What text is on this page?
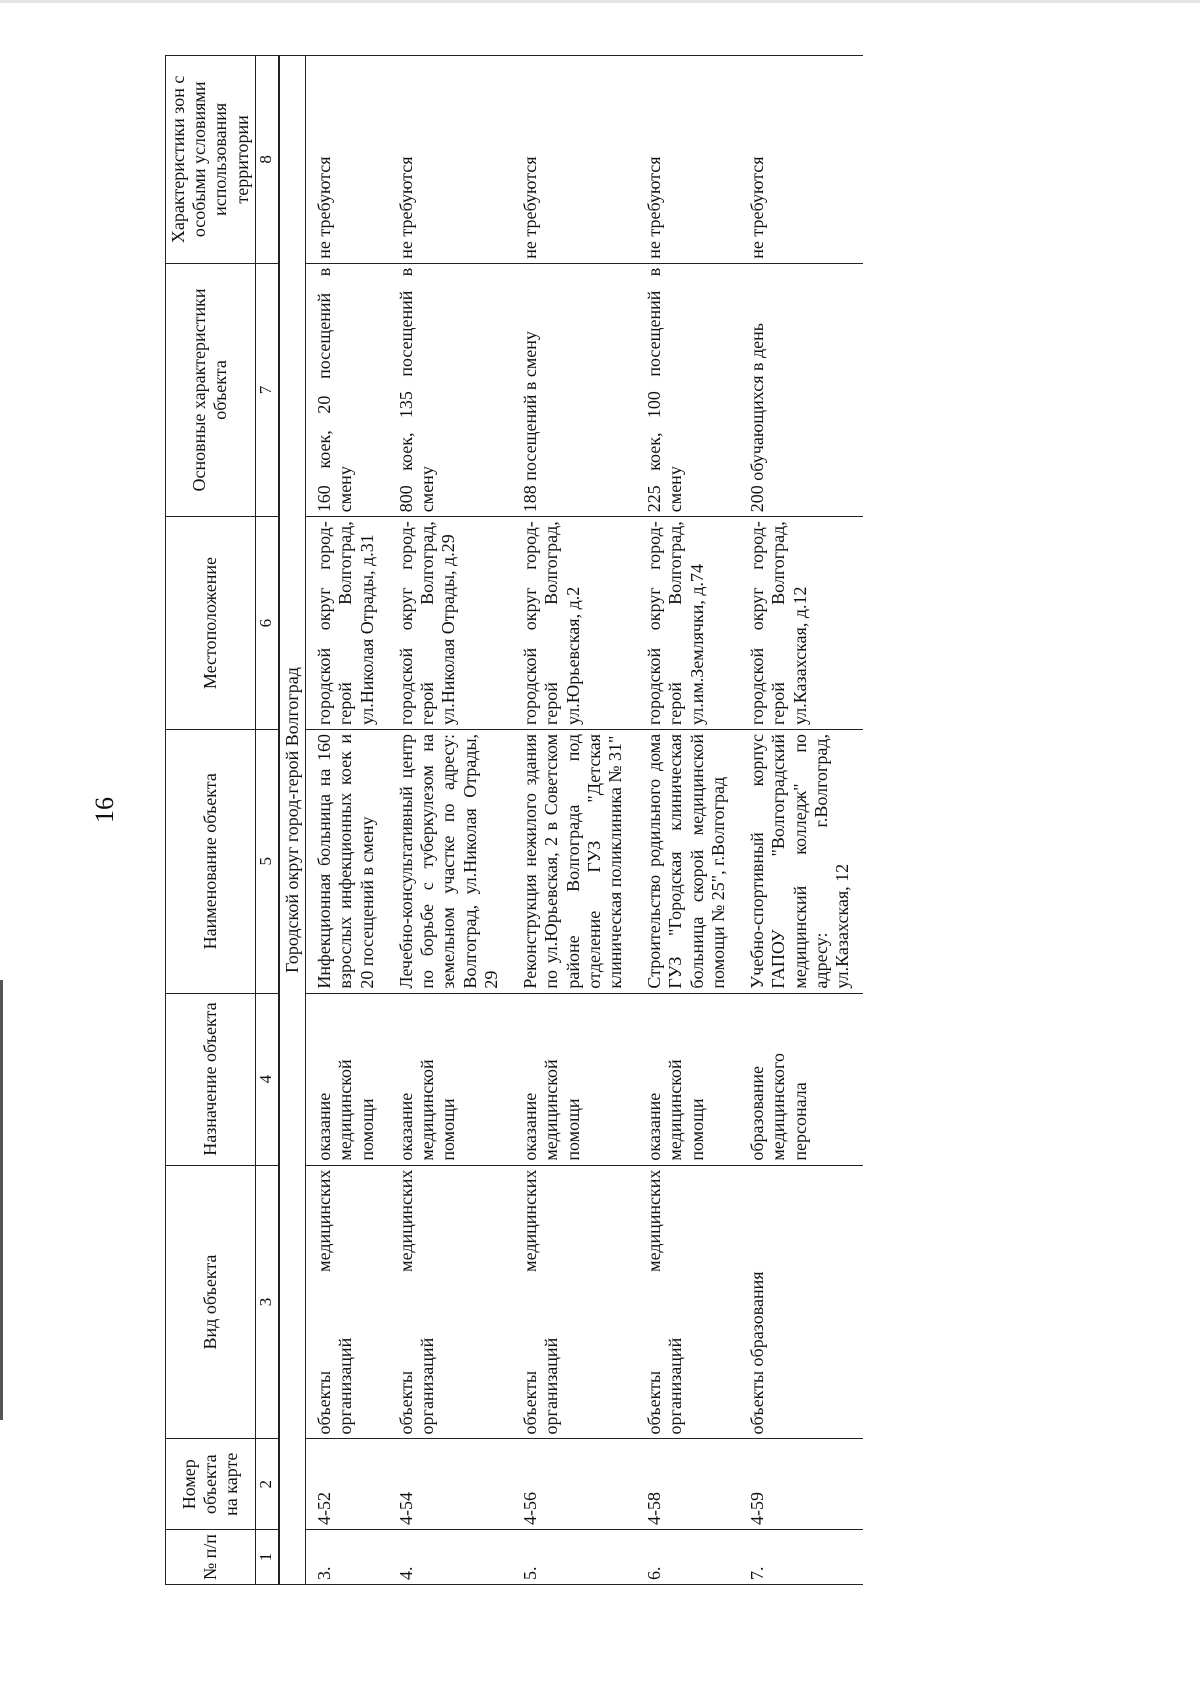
16
№ п/п	Номер объекта на карте	Вид объекта	Назначение объекта	Наименование объекта	Местоположение	Основные характеристики объекта	Характеристики зон с особыми условиями использования территории
1	2	3	4	5	6	7	8
Городской округ город-герой Волгоград							
3.	4-52	объекты медицинских организаций	оказание медицинской помощи	Инфекционная больница на 160 взрослых инфекционных коек и 20 посещений в смену	городской округ город-герой Волгоград, ул.Николая Отрады, д.31	160 коек, 20 посещений в смену	не требуются
4.	4-54	объекты медицинских организаций	оказание медицинской помощи	Лечебно-консультативный центр по борьбе с туберкулезом на земельном участке по адресу: Волгоград, ул.Николая Отрады, 29	городской округ город-герой Волгоград, ул.Николая Отрады, д.29	800 коек, 135 посещений в смену	не требуются
5.	4-56	объекты медицинских организаций	оказание медицинской помощи	Реконструкция нежилого здания по ул.Юрьевская, 2 в Советском районе Волгограда под отделение ГУЗ "Детская клиническая поликлиника № 31"	городской округ город-герой Волгоград, ул.Юрьевская, д.2	188 посещений в смену	не требуются
6.	4-58	объекты медицинских организаций	оказание медицинской помощи	Строительство родильного дома ГУЗ "Городская клиническая больница скорой медицинской помощи № 25", г.Волгоград	городской округ город-герой Волгоград, ул.им.Землячки, д.74	225 коек, 100 посещений в смену	не требуются
7.	4-59	объекты образования	образование медицинского персонала	Учебно-спортивный корпус ГАПОУ "Волгоградский медицинский колледж" по адресу: г.Волгоград, ул.Казахская, 12	городской округ город-герой Волгоград, ул.Казахская, д.12	200 обучающихся в день	не требуются
